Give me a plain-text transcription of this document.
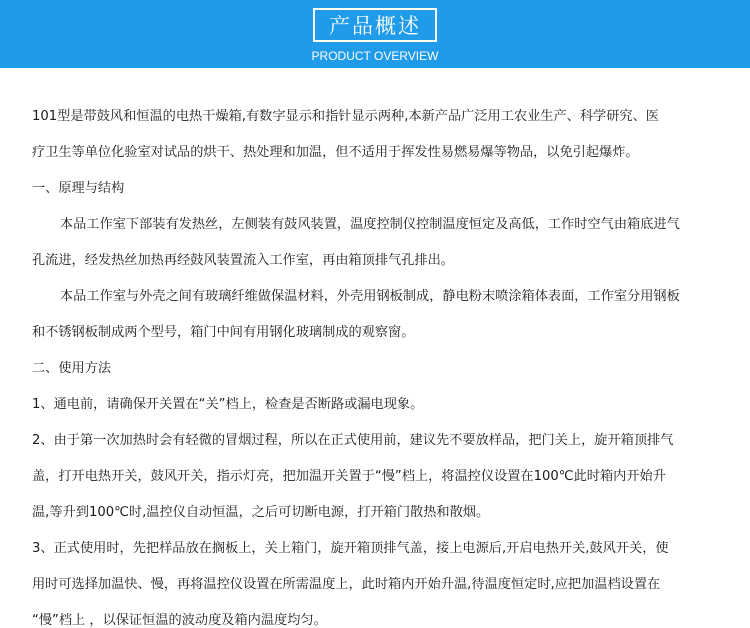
产品概述
PRODUCT OVERVIEW
101型是带鼓风和恒温的电热干燥箱,有数字显示和指针显示两种,本新产品广泛用工农业生产、科学研究、医
疗卫生等单位化验室对试品的烘干、热处理和加温，但不适用于挥发性易燃易爆等物品，以免引起爆炸。
一、原理与结构
本品工作室下部装有发热丝，左侧装有鼓风装置，温度控制仪控制温度恒定及高低，工作时空气由箱底进气
孔流进，经发热丝加热再经鼓风装置流入工作室，再由箱顶排气孔排出。
本品工作室与外壳之间有玻璃纤维做保温材料，外壳用钢板制成，静电粉末喷涂箱体表面，工作室分用钢板
和不锈钢板制成两个型号，箱门中间有用钢化玻璃制成的观察窗。
二、使用方法
1、通电前，请确保开关置在“关”档上，检查是否断路或漏电现象。
2、由于第一次加热时会有轻微的冒烟过程，所以在正式使用前，建议先不要放样品，把门关上，旋开箱顶排气
盖，打开电热开关，鼓风开关，指示灯亮，把加温开关置于“慢”档上，将温控仪设置在100℃此时箱内开始升
温,等升到100℃时,温控仪自动恒温，之后可切断电源，打开箱门散热和散烟。
3、正式使用时，先把样品放在搁板上，关上箱门，旋开箱顶排气盖，接上电源后,开启电热开关,鼓风开关，使
用时可选择加温快、慢，再将温控仪设置在所需温度上，此时箱内开始升温,待温度恒定时,应把加温档设置在
“慢”档上 ，以保证恒温的波动度及箱内温度均匀。
